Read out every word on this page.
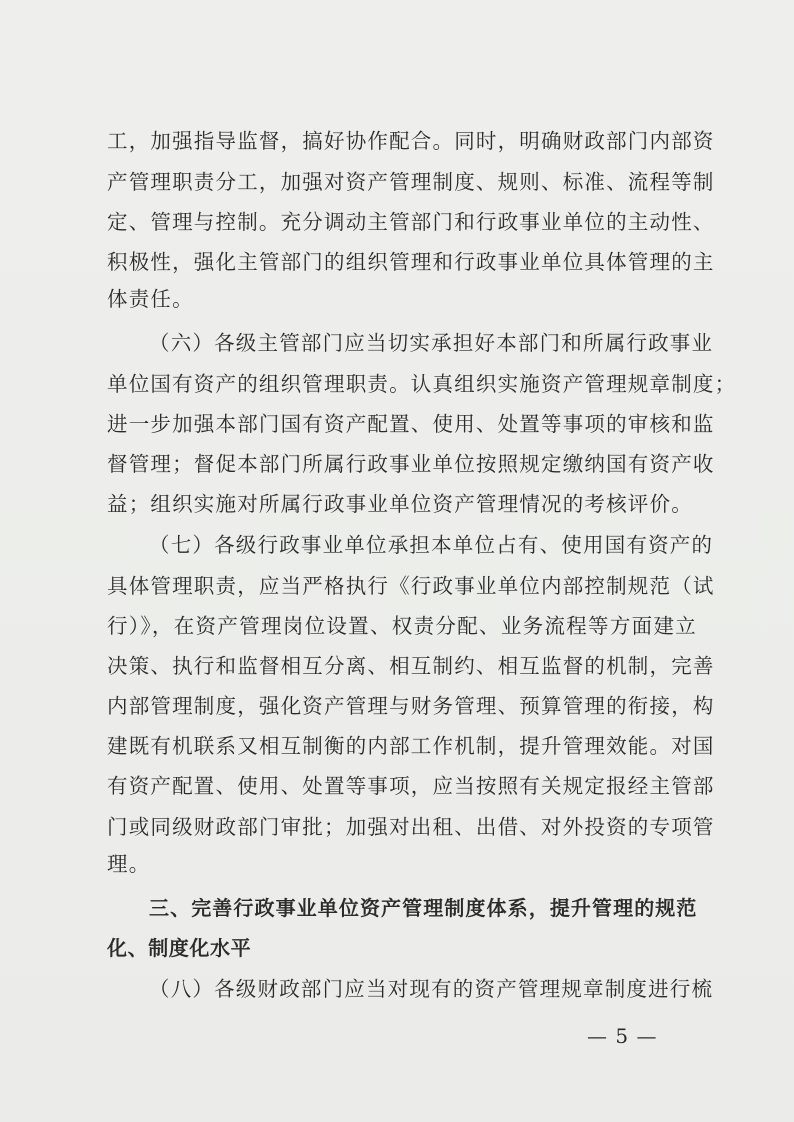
工，加强指导监督，搞好协作配合。同时，明确财政部门内部资
产管理职责分工，加强对资产管理制度、规则、标准、流程等制
定、管理与控制。充分调动主管部门和行政事业单位的主动性、
积极性，强化主管部门的组织管理和行政事业单位具体管理的主
体责任。
（六）各级主管部门应当切实承担好本部门和所属行政事业
单位国有资产的组织管理职责。认真组织实施资产管理规章制度；
进一步加强本部门国有资产配置、使用、处置等事项的审核和监
督管理；督促本部门所属行政事业单位按照规定缴纳国有资产收
益；组织实施对所属行政事业单位资产管理情况的考核评价。
（七）各级行政事业单位承担本单位占有、使用国有资产的
具体管理职责，应当严格执行《行政事业单位内部控制规范（试
行）》，在资产管理岗位设置、权责分配、业务流程等方面建立
决策、执行和监督相互分离、相互制约、相互监督的机制，完善
内部管理制度，强化资产管理与财务管理、预算管理的衔接，构
建既有机联系又相互制衡的内部工作机制，提升管理效能。对国
有资产配置、使用、处置等事项，应当按照有关规定报经主管部
门或同级财政部门审批；加强对出租、出借、对外投资的专项管
理。
三、完善行政事业单位资产管理制度体系，提升管理的规范
化、制度化水平
（八）各级财政部门应当对现有的资产管理规章制度进行梳
— 5 —
